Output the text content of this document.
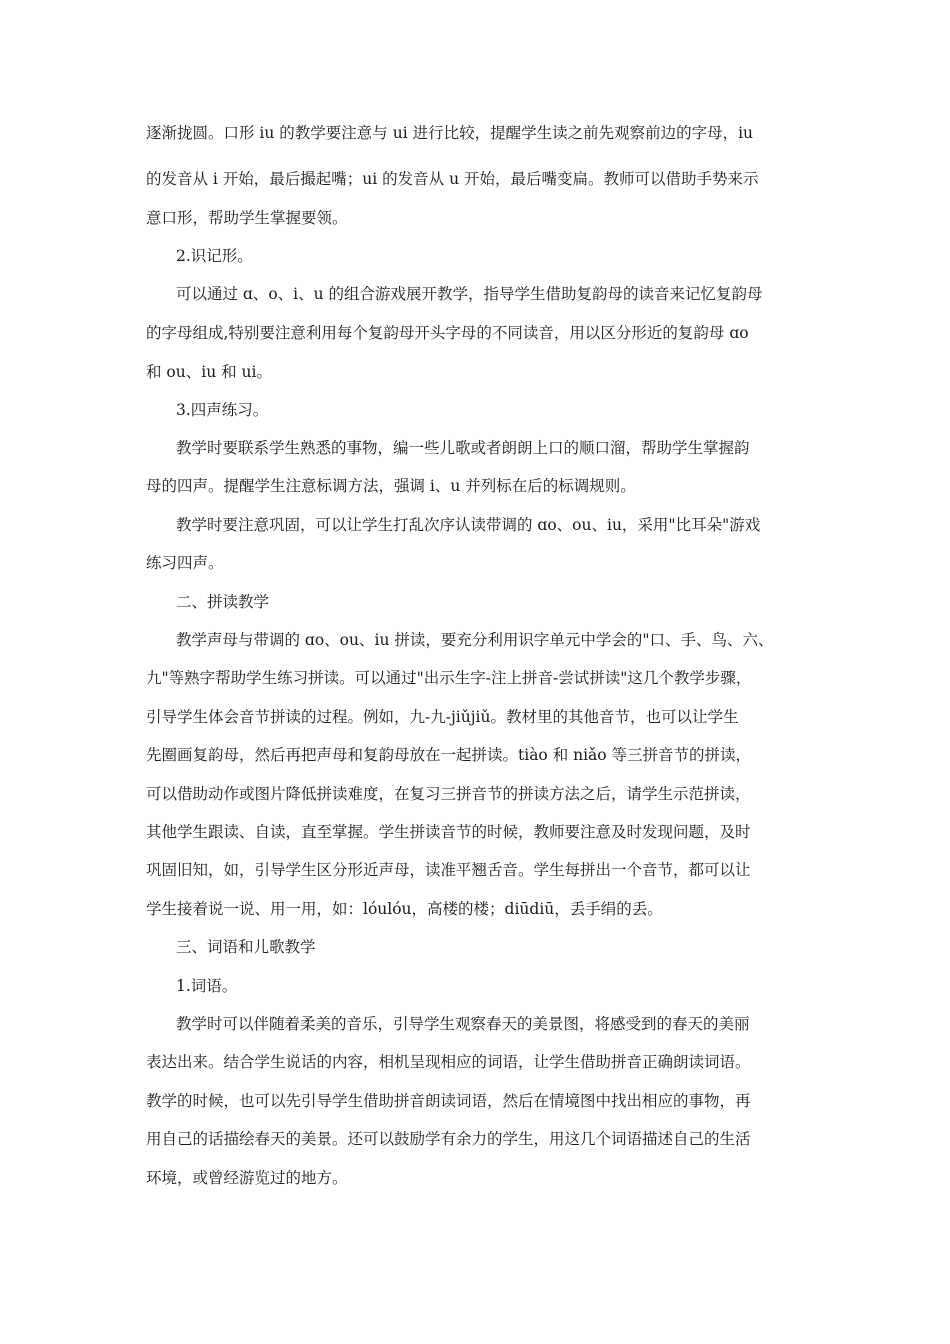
逐渐拢圆。口形 iu 的教学要注意与 ui 进行比较，提醒学生读之前先观察前边的字母，iu
的发音从 i 开始，最后撮起嘴；ui 的发音从 u 开始，最后嘴变扁。教师可以借助手势来示
意口形，帮助学生掌握要领。
2.识记形。
可以通过 ɑ、o、i、u 的组合游戏展开教学，指导学生借助复韵母的读音来记忆复韵母
的字母组成,特别要注意利用每个复韵母开头字母的不同读音，用以区分形近的复韵母 ɑo
和 ou、iu 和 ui。
3.四声练习。
教学时要联系学生熟悉的事物，编一些儿歌或者朗朗上口的顺口溜，帮助学生掌握韵
母的四声。提醒学生注意标调方法，强调 i、u 并列标在后的标调规则。
教学时要注意巩固，可以让学生打乱次序认读带调的 ɑo、ou、iu，采用"比耳朵"游戏
练习四声。
二、拼读教学
教学声母与带调的 ɑo、ou、iu 拼读，要充分利用识字单元中学会的"口、手、鸟、六、
九"等熟字帮助学生练习拼读。可以通过"出示生字-注上拼音-尝试拼读"这几个教学步骤，
引导学生体会音节拼读的过程。例如，九-九-jiǔjiǔ。教材里的其他音节，也可以让学生
先圈画复韵母，然后再把声母和复韵母放在一起拼读。tiào 和 niǎo 等三拼音节的拼读，
可以借助动作或图片降低拼读难度，在复习三拼音节的拼读方法之后，请学生示范拼读，
其他学生跟读、自读，直至掌握。学生拼读音节的时候，教师要注意及时发现问题，及时
巩固旧知，如，引导学生区分形近声母，读准平翘舌音。学生每拼出一个音节，都可以让
学生接着说一说、用一用，如：lóulóu，高楼的楼；diūdiū，丢手绢的丢。
三、词语和儿歌教学
1.词语。
教学时可以伴随着柔美的音乐，引导学生观察春天的美景图，将感受到的春天的美丽
表达出来。结合学生说话的内容，相机呈现相应的词语，让学生借助拼音正确朗读词语。
教学的时候，也可以先引导学生借助拼音朗读词语，然后在情境图中找出相应的事物，再
用自己的话描绘春天的美景。还可以鼓励学有余力的学生，用这几个词语描述自己的生活
环境，或曾经游览过的地方。
